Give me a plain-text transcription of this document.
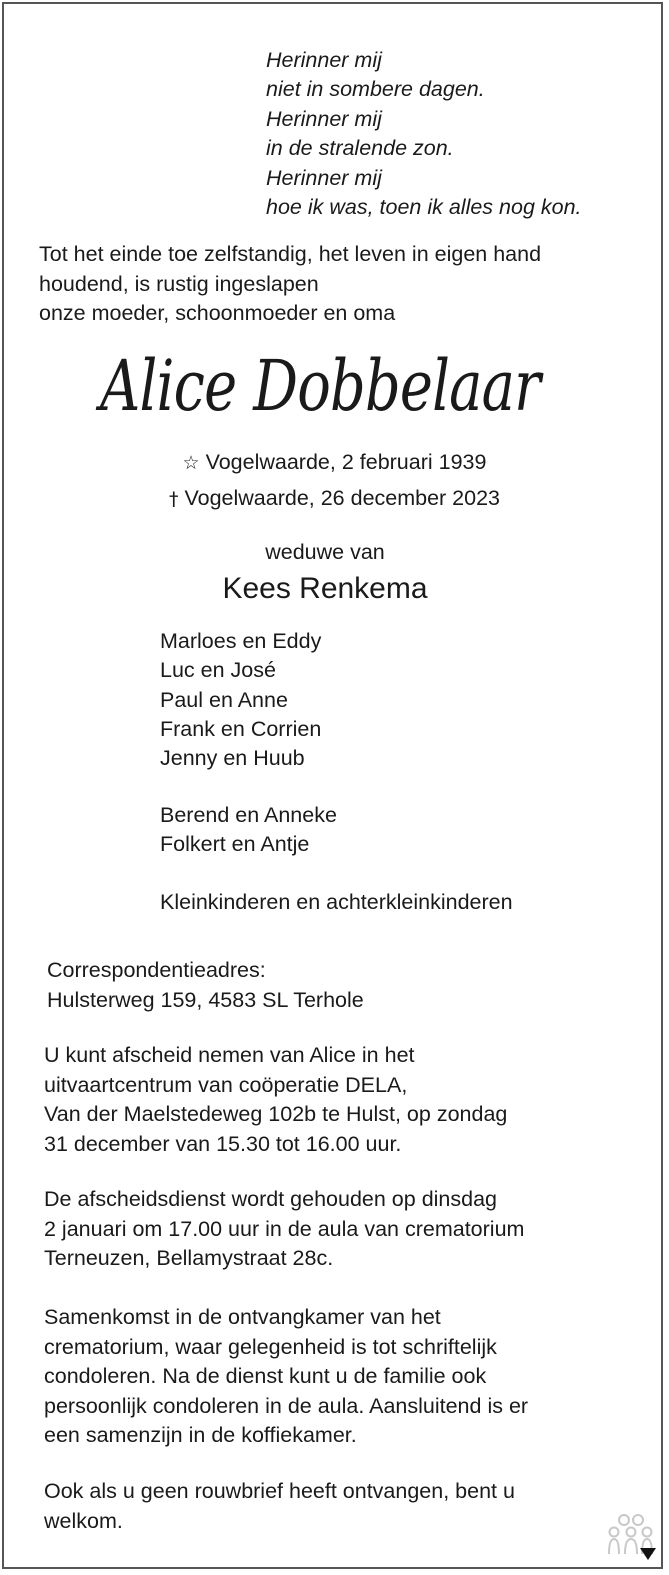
Herinner mij
niet in sombere dagen.
Herinner mij
in de stralende zon.
Herinner mij
hoe ik was, toen ik alles nog kon.
Tot het einde toe zelfstandig, het leven in eigen hand
houdend, is rustig ingeslapen
onze moeder, schoonmoeder en oma
Alice Dobbelaar
☆ Vogelwaarde, 2 februari 1939
† Vogelwaarde, 26 december 2023
weduwe van
Kees Renkema
Marloes en Eddy
Luc en José
Paul en Anne
Frank en Corrien
Jenny en Huub
Berend en Anneke
Folkert en Antje
Kleinkinderen en achterkleinkinderen
Correspondentieadres:
Hulsterweg 159, 4583 SL Terhole
U kunt afscheid nemen van Alice in het
uitvaartcentrum van coöperatie DELA,
Van der Maelstedeweg 102b te Hulst, op zondag
31 december van 15.30 tot 16.00 uur.
De afscheidsdienst wordt gehouden op dinsdag
2 januari om 17.00 uur in de aula van crematorium
Terneuzen, Bellamystraat 28c.
Samenkomst in de ontvangkamer van het
crematorium, waar gelegenheid is tot schriftelijk
condoleren. Na de dienst kunt u de familie ook
persoonlijk condoleren in de aula. Aansluitend is er
een samenzijn in de koffiekamer.
Ook als u geen rouwbrief heeft ontvangen, bent u
welkom.
